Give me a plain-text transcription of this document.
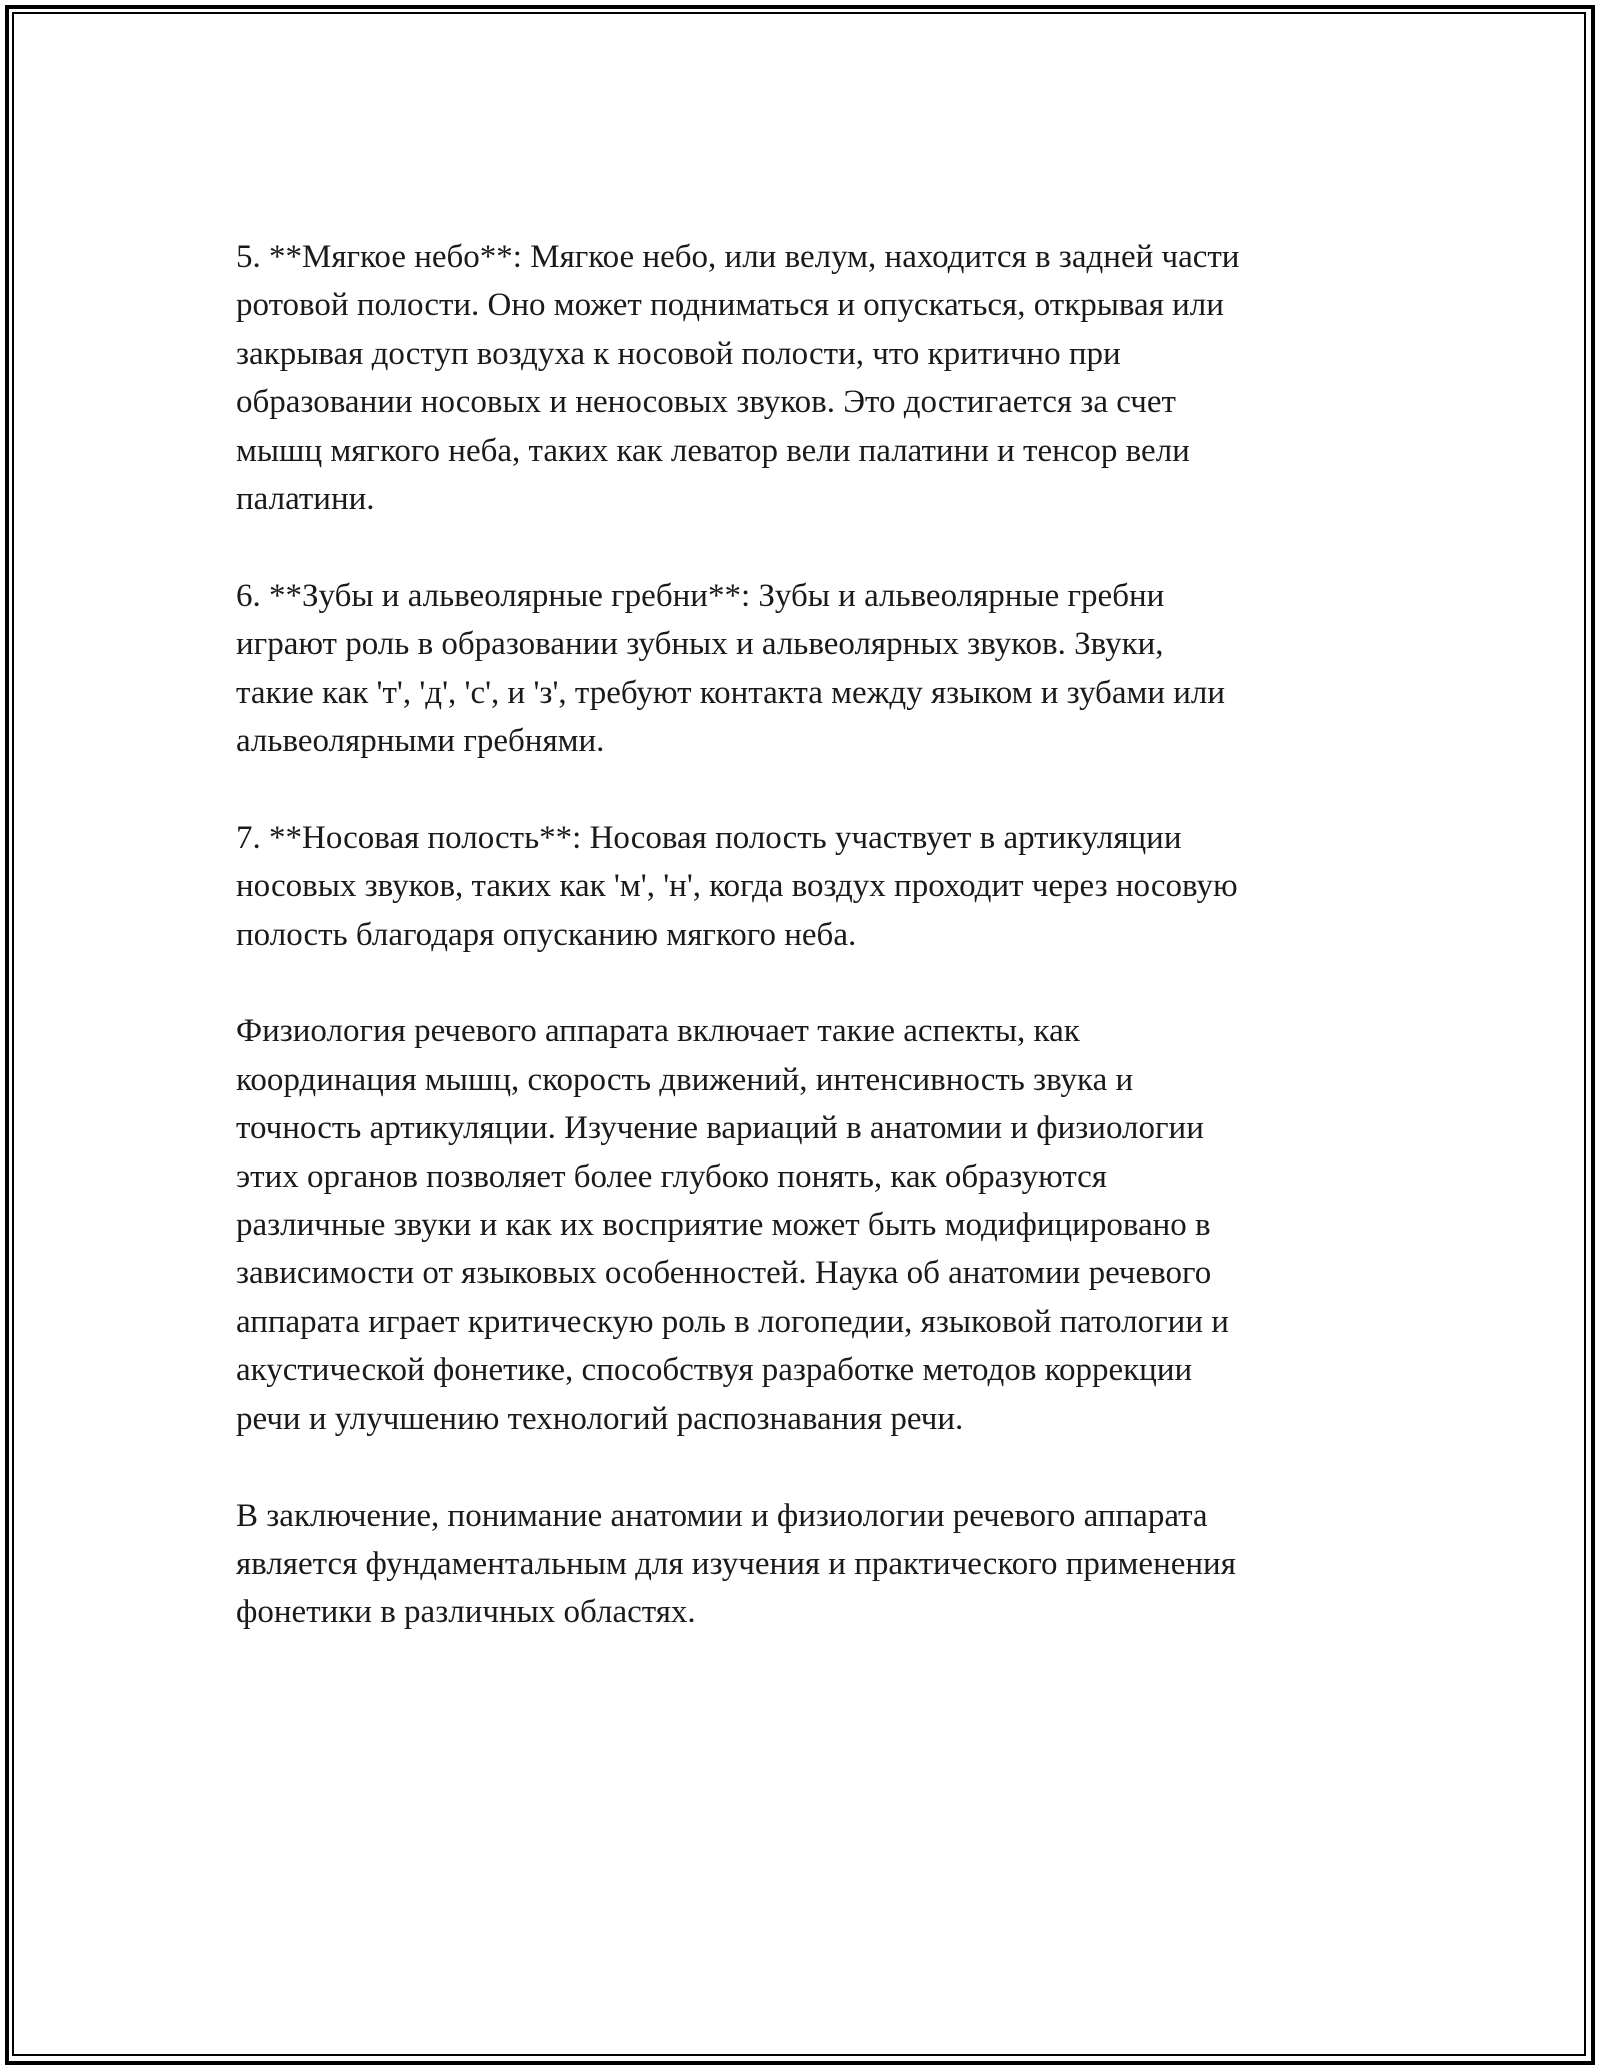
5. **Мягкое небо**: Мягкое небо, или велум, находится в задней части
ротовой полости. Оно может подниматься и опускаться, открывая или
закрывая доступ воздуха к носовой полости, что критично при
образовании носовых и неносовых звуков. Это достигается за счет
мышц мягкого неба, таких как леватор вели палатини и тенсор вели
палатини.

6. **Зубы и альвеолярные гребни**: Зубы и альвеолярные гребни
играют роль в образовании зубных и альвеолярных звуков. Звуки,
такие как 'т', 'д', 'с', и 'з', требуют контакта между языком и зубами или
альвеолярными гребнями.

7. **Носовая полость**: Носовая полость участвует в артикуляции
носовых звуков, таких как 'м', 'н', когда воздух проходит через носовую
полость благодаря опусканию мягкого неба.

Физиология речевого аппарата включает такие аспекты, как
координация мышц, скорость движений, интенсивность звука и
точность артикуляции. Изучение вариаций в анатомии и физиологии
этих органов позволяет более глубоко понять, как образуются
различные звуки и как их восприятие может быть модифицировано в
зависимости от языковых особенностей. Наука об анатомии речевого
аппарата играет критическую роль в логопедии, языковой патологии и
акустической фонетике, способствуя разработке методов коррекции
речи и улучшению технологий распознавания речи.

В заключение, понимание анатомии и физиологии речевого аппарата
является фундаментальным для изучения и практического применения
фонетики в различных областях.
